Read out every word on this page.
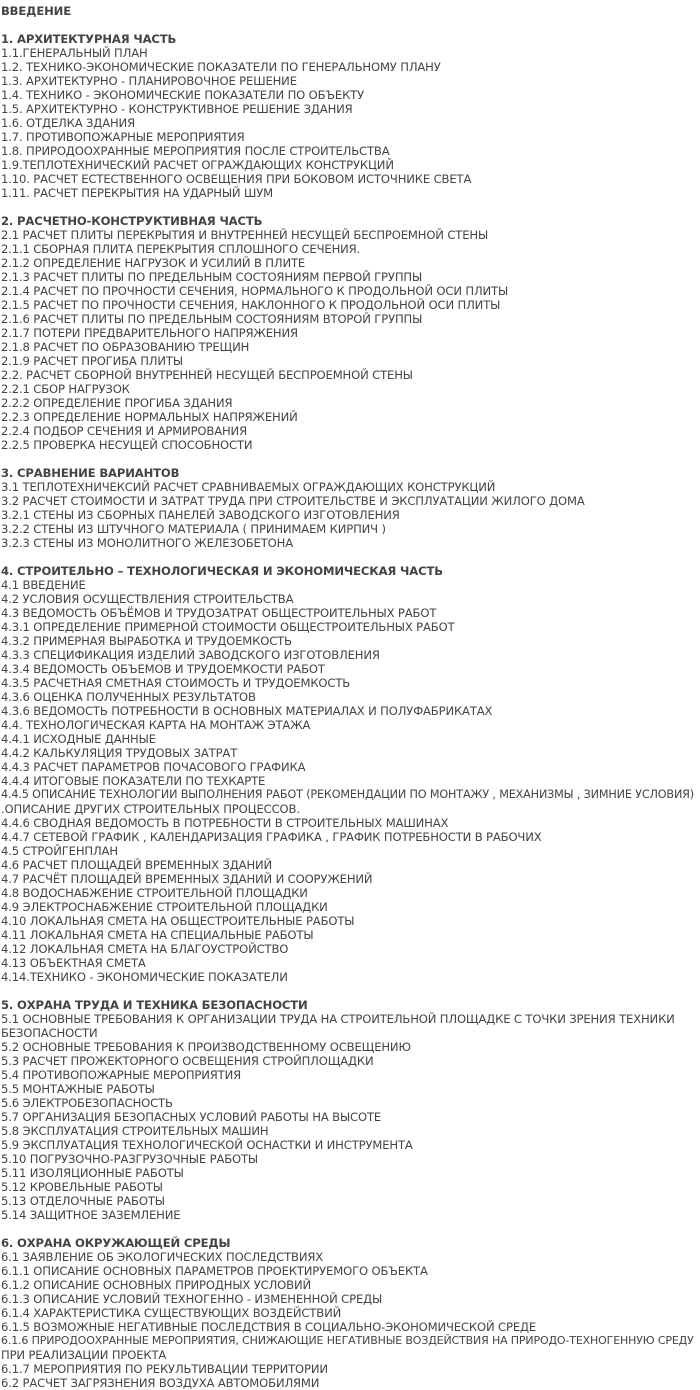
ВВЕДЕНИЕ
1. АРХИТЕКТУРНАЯ ЧАСТЬ
1.1.ГЕНЕРАЛЬНЫЙ ПЛАН
1.2. ТЕХНИКО-ЭКОНОМИЧЕСКИЕ ПОКАЗАТЕЛИ ПО ГЕНЕРАЛЬНОМУ ПЛАНУ
1.3. АРХИТЕКТУРНО - ПЛАНИРОВОЧНОЕ РЕШЕНИЕ
1.4. ТЕХНИКО - ЭКОНОМИЧЕСКИЕ ПОКАЗАТЕЛИ ПО ОБЪЕКТУ
1.5. АРХИТЕКТУРНО - КОНСТРУКТИВНОЕ РЕШЕНИЕ ЗДАНИЯ
1.6. ОТДЕЛКА ЗДАНИЯ
1.7. ПРОТИВОПОЖАРНЫЕ МЕРОПРИЯТИЯ
1.8. ПРИРОДООХРАННЫЕ МЕРОПРИЯТИЯ ПОСЛЕ СТРОИТЕЛЬСТВА
1.9.ТЕПЛОТЕХНИЧЕСКИЙ РАСЧЕТ ОГРАЖДАЮЩИХ КОНСТРУКЦИЙ
1.10. РАСЧЕТ ЕСТЕСТВЕННОГО ОСВЕЩЕНИЯ ПРИ БОКОВОМ ИСТОЧНИКЕ СВЕТА
1.11. РАСЧЕТ ПЕРЕКРЫТИЯ НА УДАРНЫЙ ШУМ
2. РАСЧЕТНО-КОНСТРУКТИВНАЯ ЧАСТЬ
2.1 РАСЧЕТ ПЛИТЫ ПЕРЕКРЫТИЯ И ВНУТРЕННЕЙ НЕСУЩЕЙ БЕСПРОЕМНОЙ СТЕНЫ
2.1.1 СБОРНАЯ ПЛИТА ПЕРЕКРЫТИЯ СПЛОШНОГО СЕЧЕНИЯ.
2.1.2 ОПРЕДЕЛЕНИЕ НАГРУЗОК И УСИЛИЙ В ПЛИТЕ
2.1.3 РАСЧЕТ ПЛИТЫ ПО ПРЕДЕЛЬНЫМ СОСТОЯНИЯМ ПЕРВОЙ ГРУППЫ
2.1.4 РАСЧЕТ ПО ПРОЧНОСТИ СЕЧЕНИЯ, НОРМАЛЬНОГО К ПРОДОЛЬНОЙ ОСИ ПЛИТЫ
2.1.5 РАСЧЕТ ПО ПРОЧНОСТИ СЕЧЕНИЯ, НАКЛОННОГО К ПРОДОЛЬНОЙ ОСИ ПЛИТЫ
2.1.6 РАСЧЕТ ПЛИТЫ ПО ПРЕДЕЛЬНЫМ СОСТОЯНИЯМ ВТОРОЙ ГРУППЫ
2.1.7 ПОТЕРИ ПРЕДВАРИТЕЛЬНОГО НАПРЯЖЕНИЯ
2.1.8 РАСЧЕТ ПО ОБРАЗОВАНИЮ ТРЕЩИН
2.1.9 РАСЧЕТ ПРОГИБА ПЛИТЫ
2.2. РАСЧЕТ СБОРНОЙ ВНУТРЕННЕЙ НЕСУЩЕЙ БЕСПРОЕМНОЙ СТЕНЫ
2.2.1 СБОР НАГРУЗОК
2.2.2 ОПРЕДЕЛЕНИЕ ПРОГИБА ЗДАНИЯ
2.2.3 ОПРЕДЕЛЕНИЕ НОРМАЛЬНЫХ НАПРЯЖЕНИЙ
2.2.4 ПОДБОР СЕЧЕНИЯ И АРМИРОВАНИЯ
2.2.5 ПРОВЕРКА НЕСУЩЕЙ СПОСОБНОСТИ
3. СРАВНЕНИЕ ВАРИАНТОВ
3.1 ТЕПЛОТЕХНИЧЕКСИЙ РАСЧЕТ СРАВНИВАЕМЫХ ОГРАЖДАЮЩИХ КОНСТРУКЦИЙ
3.2 РАСЧЕТ СТОИМОСТИ И ЗАТРАТ ТРУДА ПРИ СТРОИТЕЛЬСТВЕ И ЭКСПЛУАТАЦИИ ЖИЛОГО ДОМА
3.2.1 СТЕНЫ ИЗ СБОРНЫХ ПАНЕЛЕЙ ЗАВОДСКОГО ИЗГОТОВЛЕНИЯ
3.2.2 СТЕНЫ ИЗ ШТУЧНОГО МАТЕРИАЛА ( ПРИНИМАЕМ КИРПИЧ )
3.2.3 СТЕНЫ ИЗ МОНОЛИТНОГО ЖЕЛЕЗОБЕТОНА
4. СТРОИТЕЛЬНО – ТЕХНОЛОГИЧЕСКАЯ И ЭКОНОМИЧЕСКАЯ ЧАСТЬ
4.1 ВВЕДЕНИЕ
4.2 УСЛОВИЯ ОСУЩЕСТВЛЕНИЯ СТРОИТЕЛЬСТВА
4.3 ВЕДОМОСТЬ ОБЪЁМОВ И ТРУДОЗАТРАТ ОБЩЕСТРОИТЕЛЬНЫХ РАБОТ
4.3.1 ОПРЕДЕЛЕНИЕ ПРИМЕРНОЙ СТОИМОСТИ ОБЩЕСТРОИТЕЛЬНЫХ РАБОТ
4.3.2 ПРИМЕРНАЯ ВЫРАБОТКА И ТРУДОЕМКОСТЬ
4.3.3 СПЕЦИФИКАЦИЯ ИЗДЕЛИЙ ЗАВОДСКОГО ИЗГОТОВЛЕНИЯ
4.3.4 ВЕДОМОСТЬ ОБЪЕМОВ И ТРУДОЕМКОСТИ РАБОТ
4.3.5 РАСЧЕТНАЯ СМЕТНАЯ СТОИМОСТЬ И ТРУДОЕМКОСТЬ
4.3.6 ОЦЕНКА ПОЛУЧЕННЫХ РЕЗУЛЬТАТОВ
4.3.6 ВЕДОМОСТЬ ПОТРЕБНОСТИ В ОСНОВНЫХ МАТЕРИАЛАХ И ПОЛУФАБРИКАТАХ
4.4. ТЕХНОЛОГИЧЕСКАЯ КАРТА НА МОНТАЖ ЭТАЖА
4.4.1 ИСХОДНЫЕ ДАННЫЕ
4.4.2 КАЛЬКУЛЯЦИЯ ТРУДОВЫХ ЗАТРАТ
4.4.3 РАСЧЕТ ПАРАМЕТРОВ ПОЧАСОВОГО ГРАФИКА
4.4.4 ИТОГОВЫЕ ПОКАЗАТЕЛИ ПО ТЕХКАРТЕ
4.4.5 ОПИСАНИЕ ТЕХНОЛОГИИ ВЫПОЛНЕНИЯ РАБОТ (РЕКОМЕНДАЦИИ ПО МОНТАЖУ , МЕХАНИЗМЫ , ЗИМНИЕ УСЛОВИЯ)
.ОПИСАНИЕ ДРУГИХ СТРОИТЕЛЬНЫХ ПРОЦЕССОВ.
4.4.6 СВОДНАЯ ВЕДОМОСТЬ В ПОТРЕБНОСТИ В СТРОИТЕЛЬНЫХ МАШИНАХ
4.4.7 СЕТЕВОЙ ГРАФИК , КАЛЕНДАРИЗАЦИЯ ГРАФИКА , ГРАФИК ПОТРЕБНОСТИ В РАБОЧИХ
4.5 СТРОЙГЕНПЛАН
4.6 РАСЧЕТ ПЛОЩАДЕЙ ВРЕМЕННЫХ ЗДАНИЙ
4.7 РАСЧЁТ ПЛОЩАДЕЙ ВРЕМЕННЫХ ЗДАНИЙ И СООРУЖЕНИЙ
4.8 ВОДОСНАБЖЕНИЕ СТРОИТЕЛЬНОЙ ПЛОЩАДКИ
4.9 ЭЛЕКТРОСНАБЖЕНИЕ СТРОИТЕЛЬНОЙ ПЛОЩАДКИ
4.10 ЛОКАЛЬНАЯ СМЕТА НА ОБЩЕСТРОИТЕЛЬНЫЕ РАБОТЫ
4.11 ЛОКАЛЬНАЯ СМЕТА НА СПЕЦИАЛЬНЫЕ РАБОТЫ
4.12 ЛОКАЛЬНАЯ СМЕТА НА БЛАГОУСТРОЙСТВО
4.13 ОБЪЕКТНАЯ СМЕТА
4.14.ТЕХНИКО - ЭКОНОМИЧЕСКИЕ ПОКАЗАТЕЛИ
5. ОХРАНА ТРУДА И ТЕХНИКА БЕЗОПАСНОСТИ
5.1 ОСНОВНЫЕ ТРЕБОВАНИЯ К ОРГАНИЗАЦИИ ТРУДА НА СТРОИТЕЛЬНОЙ ПЛОЩАДКЕ С ТОЧКИ ЗРЕНИЯ ТЕХНИКИ
БЕЗОПАСНОСТИ
5.2 ОСНОВНЫЕ ТРЕБОВАНИЯ К ПРОИЗВОДСТВЕННОМУ ОСВЕЩЕНИЮ
5.3 РАСЧЕТ ПРОЖЕКТОРНОГО ОСВЕЩЕНИЯ СТРОЙПЛОЩАДКИ
5.4 ПРОТИВОПОЖАРНЫЕ МЕРОПРИЯТИЯ
5.5 МОНТАЖНЫЕ РАБОТЫ
5.6 ЭЛЕКТРОБЕЗОПАСНОСТЬ
5.7 ОРГАНИЗАЦИЯ БЕЗОПАСНЫХ УСЛОВИЙ РАБОТЫ НА ВЫСОТЕ
5.8 ЭКСПЛУАТАЦИЯ СТРОИТЕЛЬНЫХ МАШИН
5.9 ЭКСПЛУАТАЦИЯ ТЕХНОЛОГИЧЕСКОЙ ОСНАСТКИ И ИНСТРУМЕНТА
5.10 ПОГРУЗОЧНО-РАЗГРУЗОЧНЫЕ РАБОТЫ
5.11 ИЗОЛЯЦИОННЫЕ РАБОТЫ
5.12 КРОВЕЛЬНЫЕ РАБОТЫ
5.13 ОТДЕЛОЧНЫЕ РАБОТЫ
5.14 ЗАЩИТНОЕ ЗАЗЕМЛЕНИЕ
6. ОХРАНА ОКРУЖАЮЩЕЙ СРЕДЫ
6.1 ЗАЯВЛЕНИЕ ОБ ЭКОЛОГИЧЕСКИХ ПОСЛЕДСТВИЯХ
6.1.1 ОПИСАНИЕ ОСНОВНЫХ ПАРАМЕТРОВ ПРОЕКТИРУЕМОГО ОБЪЕКТА
6.1.2 ОПИСАНИЕ ОСНОВНЫХ ПРИРОДНЫХ УСЛОВИЙ
6.1.3 ОПИСАНИЕ УСЛОВИЙ ТЕХНОГЕННО - ИЗМЕНЕННОЙ СРЕДЫ
6.1.4 ХАРАКТЕРИСТИКА СУЩЕСТВУЮЩИХ ВОЗДЕЙСТВИЙ
6.1.5 ВОЗМОЖНЫЕ НЕГАТИВНЫЕ ПОСЛЕДСТВИЯ В СОЦИАЛЬНО-ЭКОНОМИЧЕСКОЙ СРЕДЕ
6.1.6 ПРИРОДООХРАННЫЕ МЕРОПРИЯТИЯ, СНИЖАЮЩИЕ НЕГАТИВНЫЕ ВОЗДЕЙСТВИЯ НА ПРИРОДО-ТЕХНОГЕННУЮ СРЕДУ
ПРИ РЕАЛИЗАЦИИ ПРОЕКТА
6.1.7 МЕРОПРИЯТИЯ ПО РЕКУЛЬТИВАЦИИ ТЕРРИТОРИИ
6.2 РАСЧЕТ ЗАГРЯЗНЕНИЯ ВОЗДУХА АВТОМОБИЛЯМИ
